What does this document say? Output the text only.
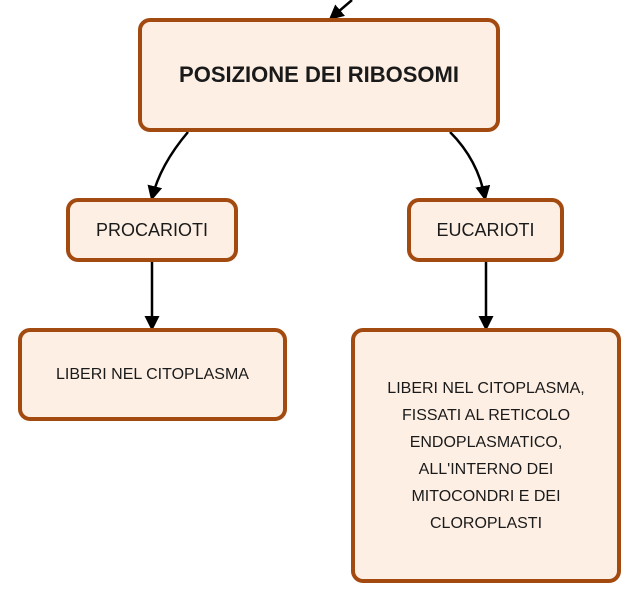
POSIZIONE DEI RIBOSOMI
PROCARIOTI	EUCARIOTI
LIBERI NEL CITOPLASMA
LIBERI NEL CITOPLASMA,
FISSATI AL RETICOLO
ENDOPLASMATICO,
ALL'INTERNO DEI
MITOCONDRI E DEI
CLOROPLASTI
